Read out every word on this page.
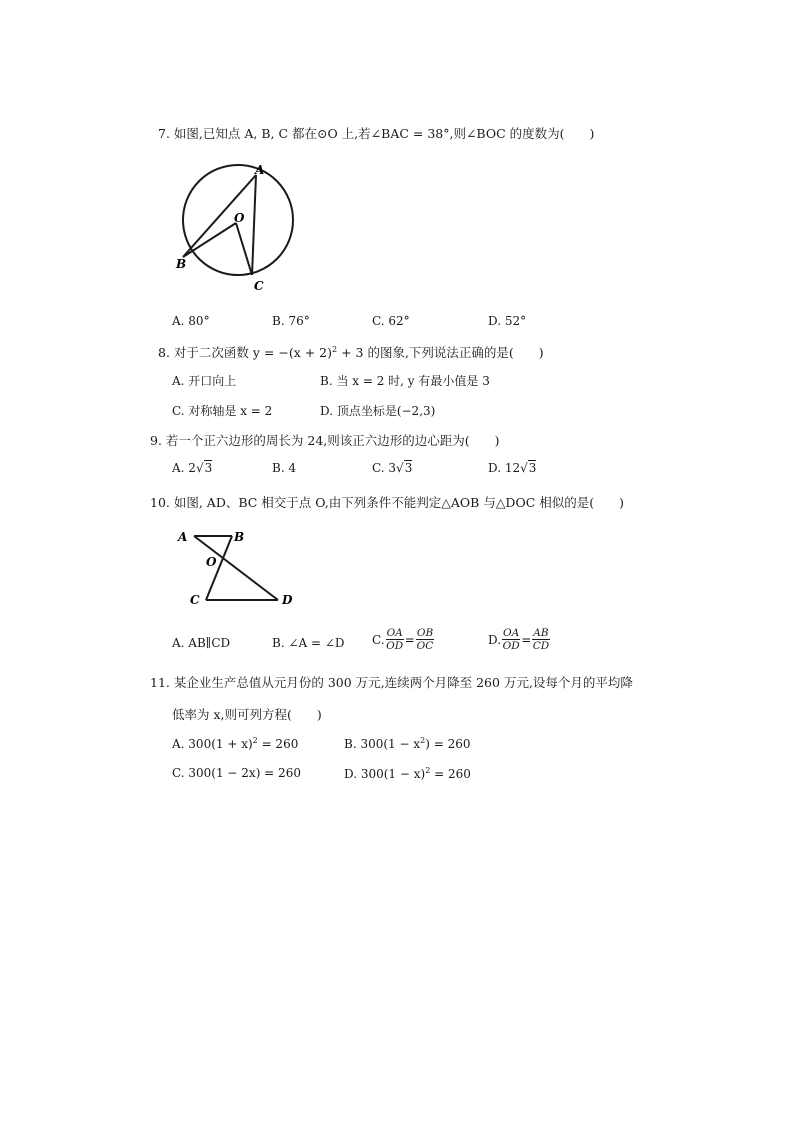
7. 如图,已知点 A, B, C 都在⊙O 上,若∠BAC = 38°,则∠BOC 的度数为(　　)
A
O
B
C
A. 80°	B. 76°	C. 62°	D. 52°
8. 对于二次函数 $y = -(x + 2)^2 + 3$ 的图象,下列说法正确的是(　　)
A. 开口向上	B. 当 x = 2 时, y 有最小值是 3
C. 对称轴是 x = 2	D. 顶点坐标是(−2,3)
9. 若一个正六边形的周长为 24,则该正六边形的边心距为(　　)
A. 2√3	B. 4	C. 3√3	D. 12√3
10. 如图, AD、BC 相交于点 O,由下列条件不能判定△AOB 与△DOC 相似的是(　　)
A	B
O
C	D
A. AB∥CD	B. ∠A = ∠D C. $\frac{OA}{OD} = \frac{OB}{OC}$	D. $\frac{OA}{OD} = \frac{AB}{CD}$
11. 某企业生产总值从元月份的 300 万元,连续两个月降至 260 万元,设每个月的平均降
低率为 x,则可列方程(　　)
A. $300(1 + x)^2 = 260$	B. $300(1 - x^2) = 260$
C. 300(1 − 2x) = 260	D. $300(1 - x)^2 = 260$
